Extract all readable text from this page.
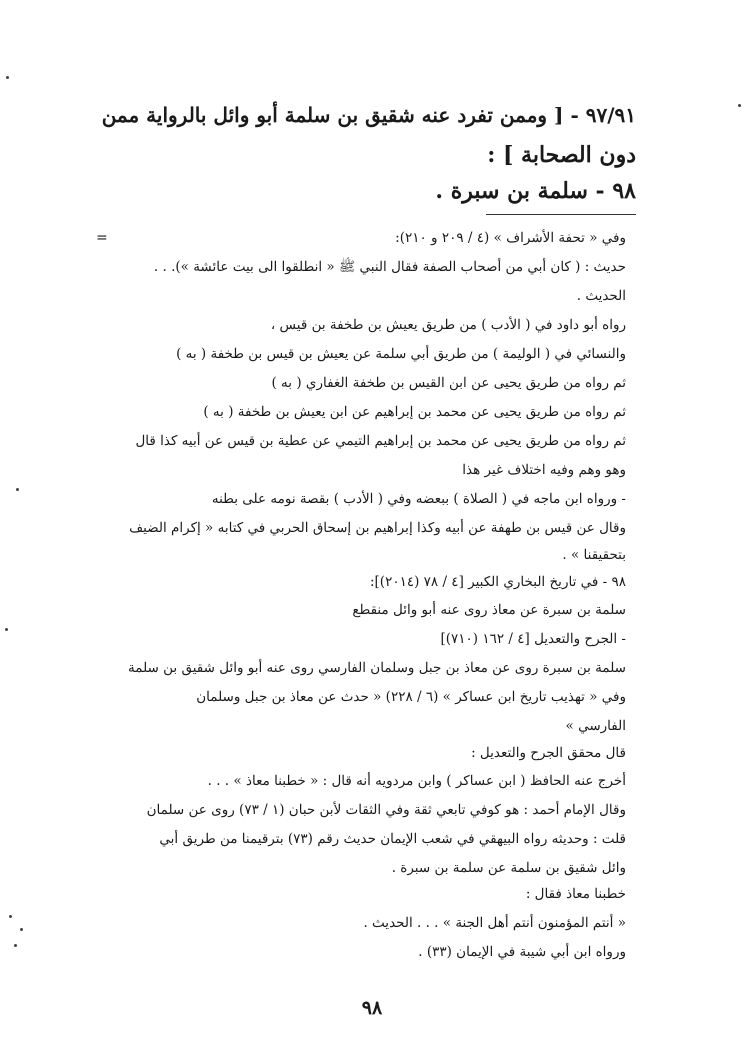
٩٧/٩١ - [ وممن تفرد عنه شقيق بن سلمة أبو وائل بالرواية ممن
دون الصحابة ] :
٩٨ - سلمة بن سبرة .
=	وفي « تحفة الأشراف » (٤ / ٢٠٩ و ٢١٠):
حديث : ( كان أبي من أصحاب الصفة فقال النبي ﷺ « انطلقوا الى بيت عائشة »). . .
الحديث .
رواه أبو داود في ( الأدب ) من طريق يعيش بن طخفة بن قيس ،
والنسائي في ( الوليمة ) من طريق أبي سلمة عن يعيش بن قيس بن طخفة ( به )
ثم رواه من طريق يحيى عن ابن القيس بن طخفة الغفاري ( به )
ثم رواه من طريق يحيى عن محمد بن إبراهيم عن ابن يعيش بن طخفة ( به )
ثم رواه من طريق يحيى عن محمد بن إبراهيم التيمي عن عطية بن قيس عن أبيه كذا قال
وهو وهم وفيه اختلاف غير هذا
- ورواه ابن ماجه في ( الصلاة ) ببعضه وفي ( الأدب ) بقصة نومه على بطنه
وقال عن قيس بن طهفة عن أبيه وكذا إبراهيم بن إسحاق الحربي في كتابه « إكرام الضيف
بتحقيقنا » .
٩٨ - في تاريخ البخاري الكبير [٤ / ٧٨ (٢٠١٤)]:
سلمة بن سبرة عن معاذ روى عنه أبو وائل منقطع
- الجرح والتعديل [٤ / ١٦٢ (٧١٠)]
سلمة بن سبرة روى عن معاذ بن جبل وسلمان الفارسي روى عنه أبو وائل شقيق بن سلمة
وفي « تهذيب تاريخ ابن عساكر » (٦ / ٢٢٨) « حدث عن معاذ بن جبل وسلمان
الفارسي »
قال محقق الجرح والتعديل :
أخرج عنه الحافظ ( ابن عساكر ) وابن مردويه أنه قال : « خطبنا معاذ » . . .
وقال الإمام أحمد : هو كوفي تابعي ثقة وفي الثقات لأبن حبان (١ / ٧٣) روى عن سلمان
قلت : وحديثه رواه البيهقي في شعب الإيمان حديث رقم (٧٣) بترقيمنا من طريق أبي
وائل شقيق بن سلمة عن سلمة بن سبرة .
خطبنا معاذ فقال :
« أنتم المؤمنون أنتم أهل الجنة » . . . الحديث .
ورواه ابن أبي شيبة في الإيمان (٣٣) .
٩٨
